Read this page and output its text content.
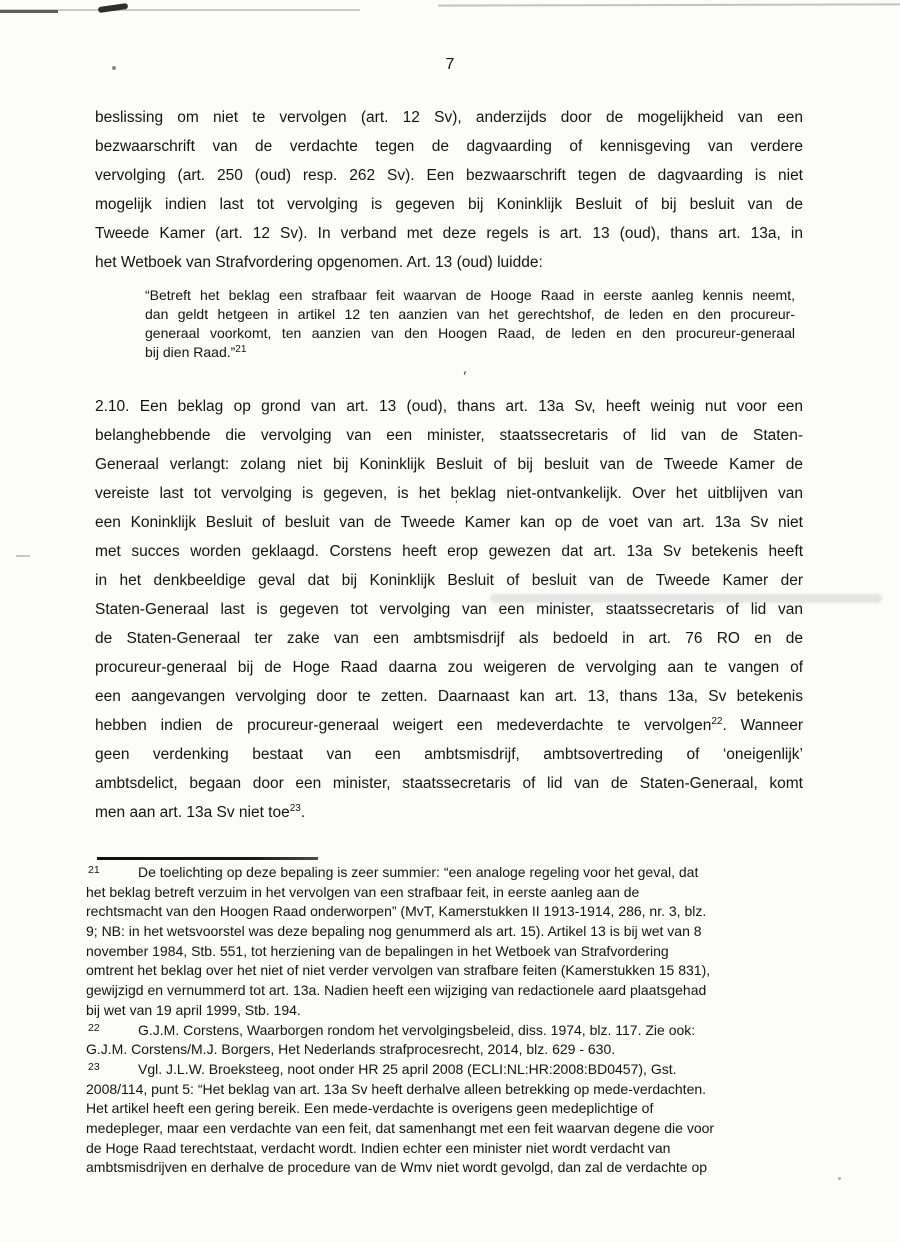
′
’
7
beslissing om niet te vervolgen (art. 12 Sv), anderzijds door de mogelijkheid van een
bezwaarschrift van de verdachte tegen de dagvaarding of kennisgeving van verdere
vervolging (art. 250 (oud) resp. 262 Sv). Een bezwaarschrift tegen de dagvaarding is niet
mogelijk indien last tot vervolging is gegeven bij Koninklijk Besluit of bij besluit van de
Tweede Kamer (art. 12 Sv). In verband met deze regels is art. 13 (oud), thans art. 13a, in
het Wetboek van Strafvordering opgenomen. Art. 13 (oud) luidde:
“Betreft het beklag een strafbaar feit waarvan de Hooge Raad in eerste aanleg kennis neemt,
dan geldt hetgeen in artikel 12 ten aanzien van het gerechtshof, de leden en den procureur-
generaal voorkomt, ten aanzien van den Hoogen Raad, de leden en den procureur-generaal
bij dien Raad.”$^{21}$
2.10. Een beklag op grond van art. 13 (oud), thans art. 13a Sv, heeft weinig nut voor een
belanghebbende die vervolging van een minister, staatssecretaris of lid van de Staten-
Generaal verlangt: zolang niet bij Koninklijk Besluit of bij besluit van de Tweede Kamer de
vereiste last tot vervolging is gegeven, is het beklag niet-ontvankelijk. Over het uitblijven van
een Koninklijk Besluit of besluit van de Tweede Kamer kan op de voet van art. 13a Sv niet
met succes worden geklaagd. Corstens heeft erop gewezen dat art. 13a Sv betekenis heeft
in het denkbeeldige geval dat bij Koninklijk Besluit of besluit van de Tweede Kamer der
Staten-Generaal last is gegeven tot vervolging van een minister, staatssecretaris of lid van
de Staten-Generaal ter zake van een ambtsmisdrijf als bedoeld in art. 76 RO en de
procureur-generaal bij de Hoge Raad daarna zou weigeren de vervolging aan te vangen of
een aangevangen vervolging door te zetten. Daarnaast kan art. 13, thans 13a, Sv betekenis
hebben indien de procureur-generaal weigert een medeverdachte te vervolgen$^{22}$. Wanneer
geen verdenking bestaat van een ambtsmisdrijf, ambtsovertreding of ‘oneigenlijk’
ambtsdelict, begaan door een minister, staatssecretaris of lid van de Staten-Generaal, komt
men aan art. 13a Sv niet toe$^{23}$.
21	De toelichting op deze bepaling is zeer summier: “een analoge regeling voor het geval, dat
het beklag betreft verzuim in het vervolgen van een strafbaar feit, in eerste aanleg aan de
rechtsmacht van den Hoogen Raad onderworpen” (MvT, Kamerstukken II 1913-1914, 286, nr. 3, blz.
9; NB: in het wetsvoorstel was deze bepaling nog genummerd als art. 15). Artikel 13 is bij wet van 8
november 1984, Stb. 551, tot herziening van de bepalingen in het Wetboek van Strafvordering
omtrent het beklag over het niet of niet verder vervolgen van strafbare feiten (Kamerstukken 15 831),
gewijzigd en vernummerd tot art. 13a. Nadien heeft een wijziging van redactionele aard plaatsgehad
bij wet van 19 april 1999, Stb. 194.
22	G.J.M. Corstens, Waarborgen rondom het vervolgingsbeleid, diss. 1974, blz. 117. Zie ook:
G.J.M. Corstens/M.J. Borgers, Het Nederlands strafprocesrecht, 2014, blz. 629 - 630.
23	Vgl. J.L.W. Broeksteeg, noot onder HR 25 april 2008 (ECLI:NL:HR:2008:BD0457), Gst.
2008/114, punt 5: “Het beklag van art. 13a Sv heeft derhalve alleen betrekking op mede-verdachten.
Het artikel heeft een gering bereik. Een mede-verdachte is overigens geen medeplichtige of
medepleger, maar een verdachte van een feit, dat samenhangt met een feit waarvan degene die voor
de Hoge Raad terechtstaat, verdacht wordt. Indien echter een minister niet wordt verdacht van
ambtsmisdrijven en derhalve de procedure van de Wmv niet wordt gevolgd, dan zal de verdachte op
